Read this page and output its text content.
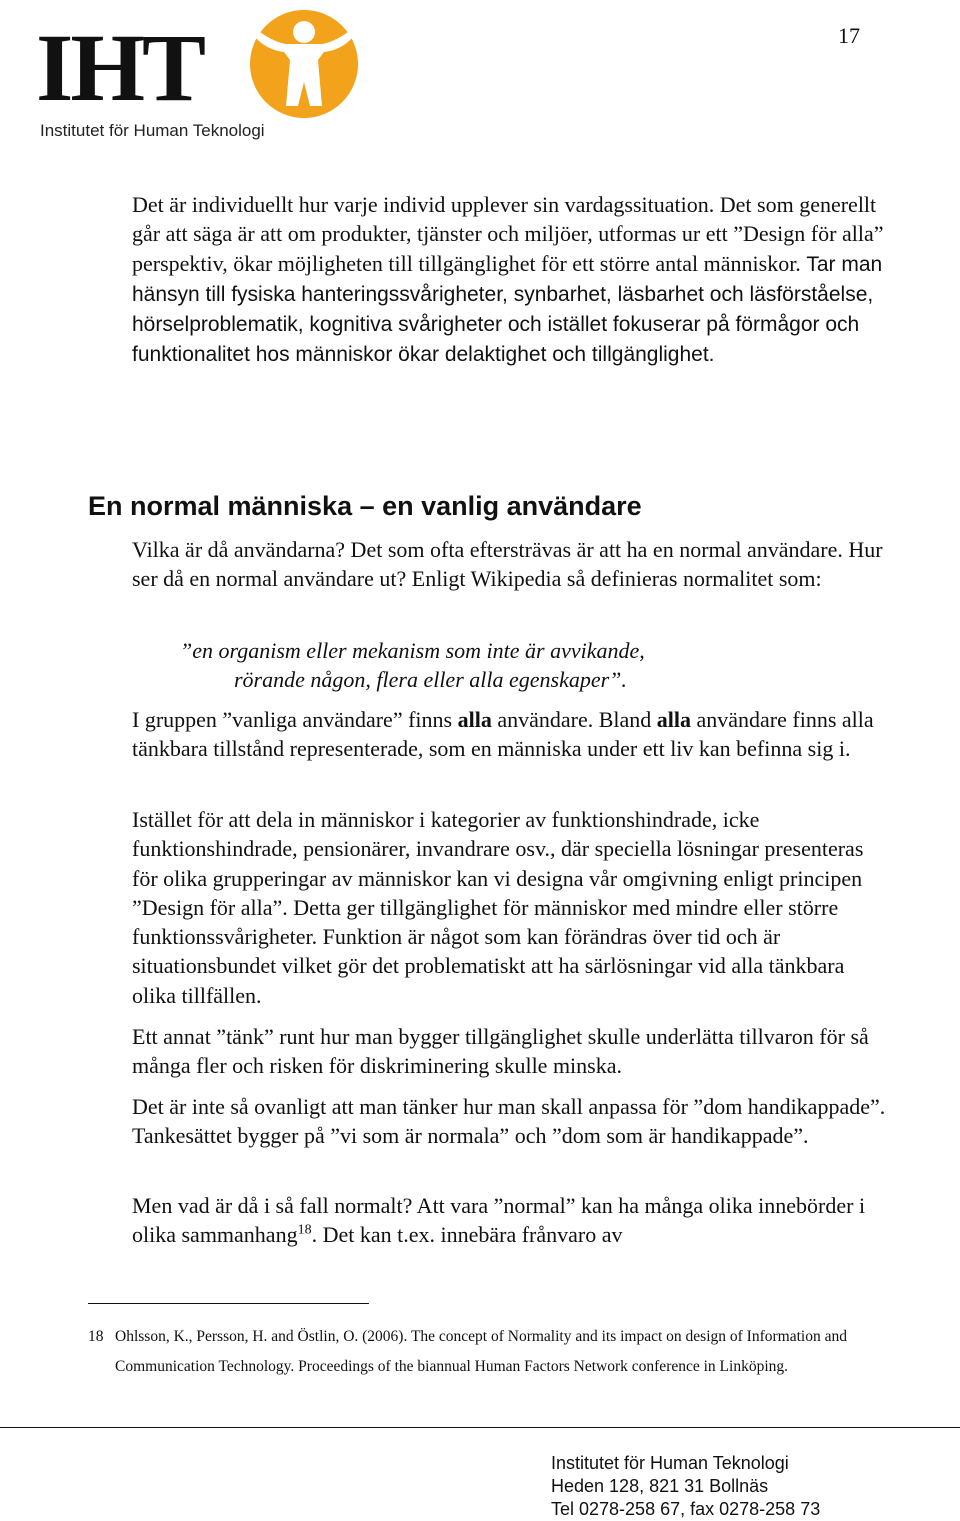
17
IHT
Institutet för Human Teknologi

Det är individuellt hur varje individ upplever sin vardagssituation. Det som generellt går att säga är att om produkter, tjänster och miljöer, utformas ur ett ”Design för alla” perspektiv, ökar möjligheten till tillgänglighet för ett större antal människor. Tar man hänsyn till fysiska hanteringssvårigheter, synbarhet, läsbarhet och läsförståelse, hörselproblematik, kognitiva svårigheter och istället fokuserar på förmågor och funktionalitet hos människor ökar delaktighet och tillgänglighet.

En normal människa – en vanlig användare

Vilka är då användarna? Det som ofta eftersträvas är att ha en normal användare. Hur ser då en normal användare ut? Enligt Wikipedia så definieras normalitet som:

”en organism eller mekanism som inte är avvikande,
rörande någon, flera eller alla egenskaper”.

I gruppen ”vanliga användare” finns alla användare. Bland alla användare finns alla tänkbara tillstånd representerade, som en människa under ett liv kan befinna sig i.

Istället för att dela in människor i kategorier av funktionshindrade, icke funktionshindrade, pensionärer, invandrare osv., där speciella lösningar presenteras för olika grupperingar av människor kan vi designa vår omgivning enligt principen ”Design för alla”. Detta ger tillgänglighet för människor med mindre eller större funktionssvårigheter. Funktion är något som kan förändras över tid och är situationsbundet vilket gör det problematiskt att ha särlösningar vid alla tänkbara olika tillfällen.

Ett annat ”tänk” runt hur man bygger tillgänglighet skulle underlätta tillvaron för så många fler och risken för diskriminering skulle minska.

Det är inte så ovanligt att man tänker hur man skall anpassa för ”dom handikappade”. Tankesättet bygger på ”vi som är normala” och ”dom som är handikappade”.

Men vad är då i så fall normalt? Att vara ”normal” kan ha många olika innebörder i olika sammanhang$^{18}$. Det kan t.ex. innebära frånvaro av

18 Ohlsson, K., Persson, H. and Östlin, O. (2006). The concept of Normality and its impact on design of Information and Communication Technology. Proceedings of the biannual Human Factors Network conference in Linköping.

Institutet för Human Teknologi
Heden 128, 821 31 Bollnäs
Tel 0278-258 67, fax 0278-258 73
